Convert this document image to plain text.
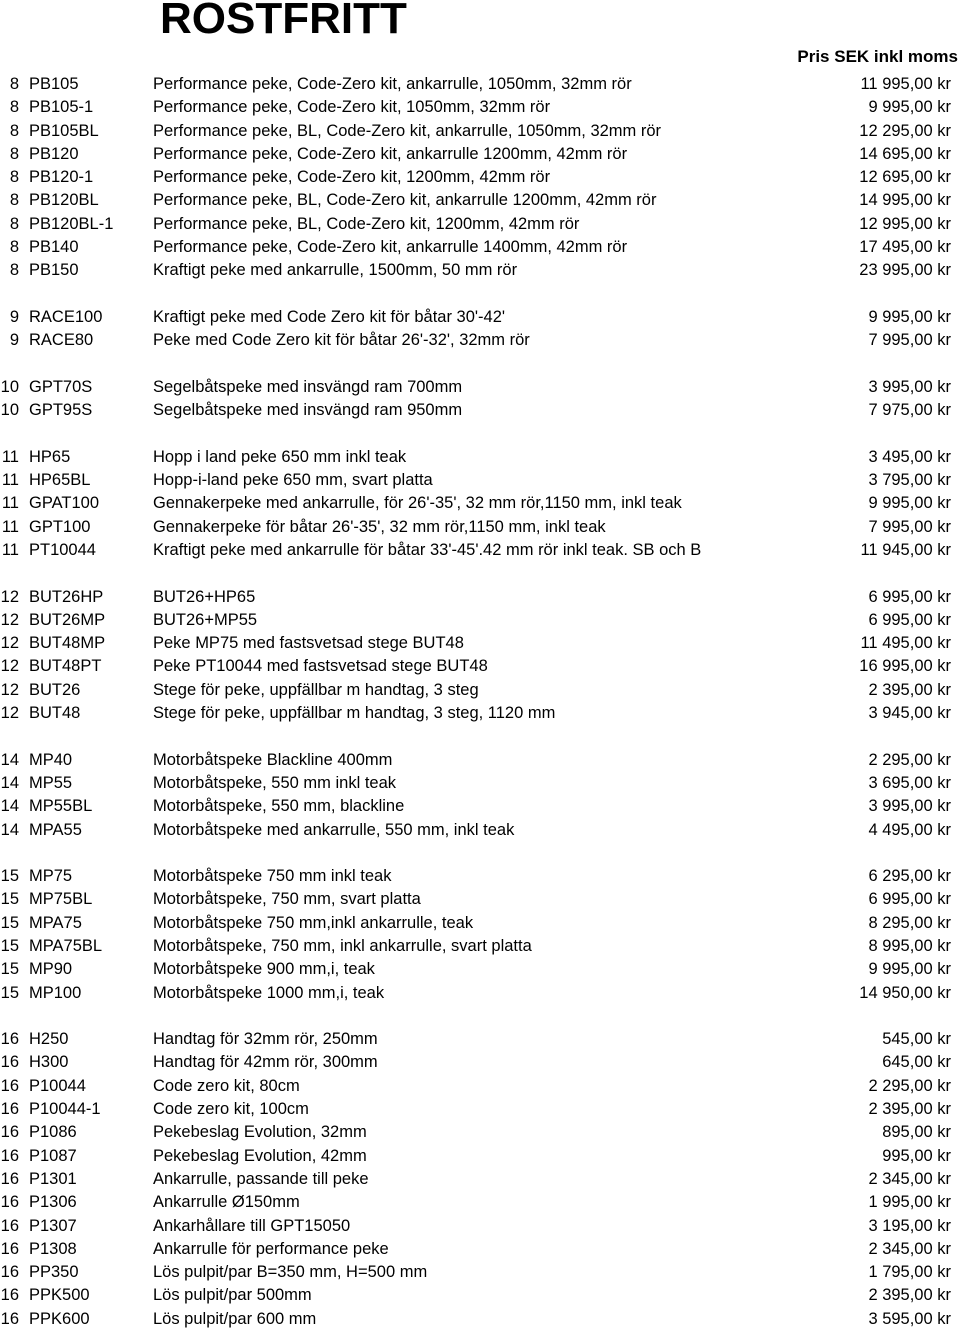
ROSTFRITT
Pris SEK inkl moms
8 PB105	Performance peke, Code-Zero kit, ankarrulle, 1050mm, 32mm rör	11 995,00 kr
8 PB105-1	Performance peke, Code-Zero kit, 1050mm, 32mm rör	9 995,00 kr
8 PB105BL	Performance peke, BL, Code-Zero kit, ankarrulle, 1050mm, 32mm rör	12 295,00 kr
8 PB120	Performance peke, Code-Zero kit, ankarrulle 1200mm, 42mm rör	14 695,00 kr
8 PB120-1	Performance peke, Code-Zero kit, 1200mm, 42mm rör	12 695,00 kr
8 PB120BL	Performance peke, BL, Code-Zero kit, ankarrulle 1200mm, 42mm rör	14 995,00 kr
8 PB120BL-1	Performance peke, BL, Code-Zero kit, 1200mm, 42mm rör	12 995,00 kr
8 PB140	Performance peke, Code-Zero kit, ankarrulle 1400mm, 42mm rör	17 495,00 kr
8 PB150	Kraftigt peke med ankarrulle, 1500mm, 50 mm rör	23 995,00 kr
9 RACE100	Kraftigt peke med Code Zero kit för båtar 30'-42'	9 995,00 kr
9 RACE80	Peke med Code Zero kit för båtar 26'-32', 32mm rör	7 995,00 kr
10 GPT70S	Segelbåtspeke med insvängd ram 700mm	3 995,00 kr
10 GPT95S	Segelbåtspeke med insvängd ram 950mm	7 975,00 kr
11 HP65	Hopp i land peke 650 mm inkl teak	3 495,00 kr
11 HP65BL	Hopp-i-land peke 650 mm, svart platta	3 795,00 kr
11 GPAT100	Gennakerpeke med ankarrulle, för 26'-35', 32 mm rör,1150 mm, inkl teak	9 995,00 kr
11 GPT100	Gennakerpeke för båtar 26'-35', 32 mm rör,1150 mm, inkl teak	7 995,00 kr
11 PT10044	Kraftigt peke med ankarrulle för båtar 33'-45'.42 mm rör inkl teak. SB och B	11 945,00 kr
12 BUT26HP	BUT26+HP65	6 995,00 kr
12 BUT26MP	BUT26+MP55	6 995,00 kr
12 BUT48MP	Peke MP75 med fastsvetsad stege BUT48	11 495,00 kr
12 BUT48PT	Peke PT10044 med fastsvetsad stege BUT48	16 995,00 kr
12 BUT26	Stege för peke, uppfällbar m handtag, 3 steg	2 395,00 kr
12 BUT48	Stege för peke, uppfällbar m handtag, 3 steg, 1120 mm	3 945,00 kr
14 MP40	Motorbåtspeke Blackline 400mm	2 295,00 kr
14 MP55	Motorbåtspeke, 550 mm inkl teak	3 695,00 kr
14 MP55BL	Motorbåtspeke, 550 mm, blackline	3 995,00 kr
14 MPA55	Motorbåtspeke med ankarrulle, 550 mm, inkl teak	4 495,00 kr
15 MP75	Motorbåtspeke 750 mm inkl teak	6 295,00 kr
15 MP75BL	Motorbåtspeke, 750 mm, svart platta	6 995,00 kr
15 MPA75	Motorbåtspeke 750 mm,inkl ankarrulle, teak	8 295,00 kr
15 MPA75BL	Motorbåtspeke, 750 mm, inkl ankarrulle, svart platta	8 995,00 kr
15 MP90	Motorbåtspeke 900 mm,i, teak	9 995,00 kr
15 MP100	Motorbåtspeke 1000 mm,i, teak	14 950,00 kr
16 H250	Handtag för 32mm rör, 250mm	545,00 kr
16 H300	Handtag för 42mm rör, 300mm	645,00 kr
16 P10044	Code zero kit, 80cm	2 295,00 kr
16 P10044-1	Code zero kit, 100cm	2 395,00 kr
16 P1086	Pekebeslag Evolution, 32mm	895,00 kr
16 P1087	Pekebeslag Evolution, 42mm	995,00 kr
16 P1301	Ankarrulle, passande till peke	2 345,00 kr
16 P1306	Ankarrulle Ø150mm	1 995,00 kr
16 P1307	Ankarhållare till GPT15050	3 195,00 kr
16 P1308	Ankarrulle för performance peke	2 345,00 kr
16 PP350	Lös pulpit/par B=350 mm, H=500 mm	1 795,00 kr
16 PPK500	Lös pulpit/par 500mm	2 395,00 kr
16 PPK600	Lös pulpit/par 600 mm	3 595,00 kr
